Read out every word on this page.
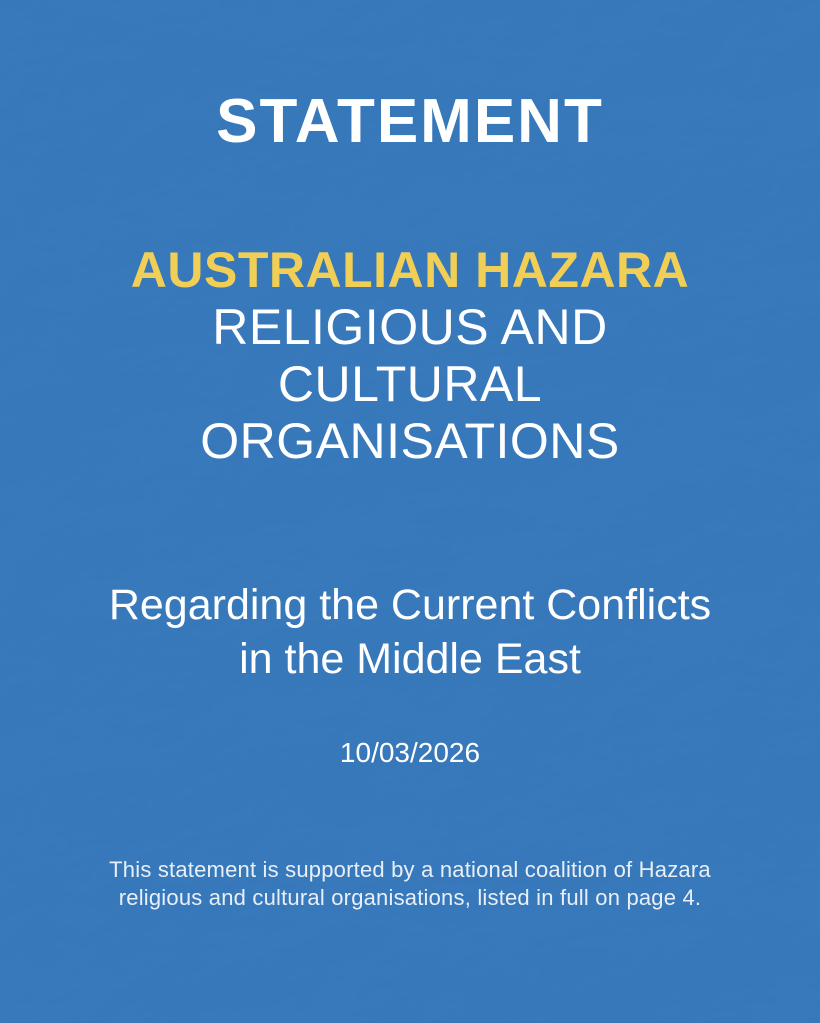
STATEMENT
AUSTRALIAN HAZARA
RELIGIOUS AND
CULTURAL
ORGANISATIONS
Regarding the Current Conflicts
in the Middle East
10/03/2026
This statement is supported by a national coalition of Hazara
religious and cultural organisations, listed in full on page 4.
